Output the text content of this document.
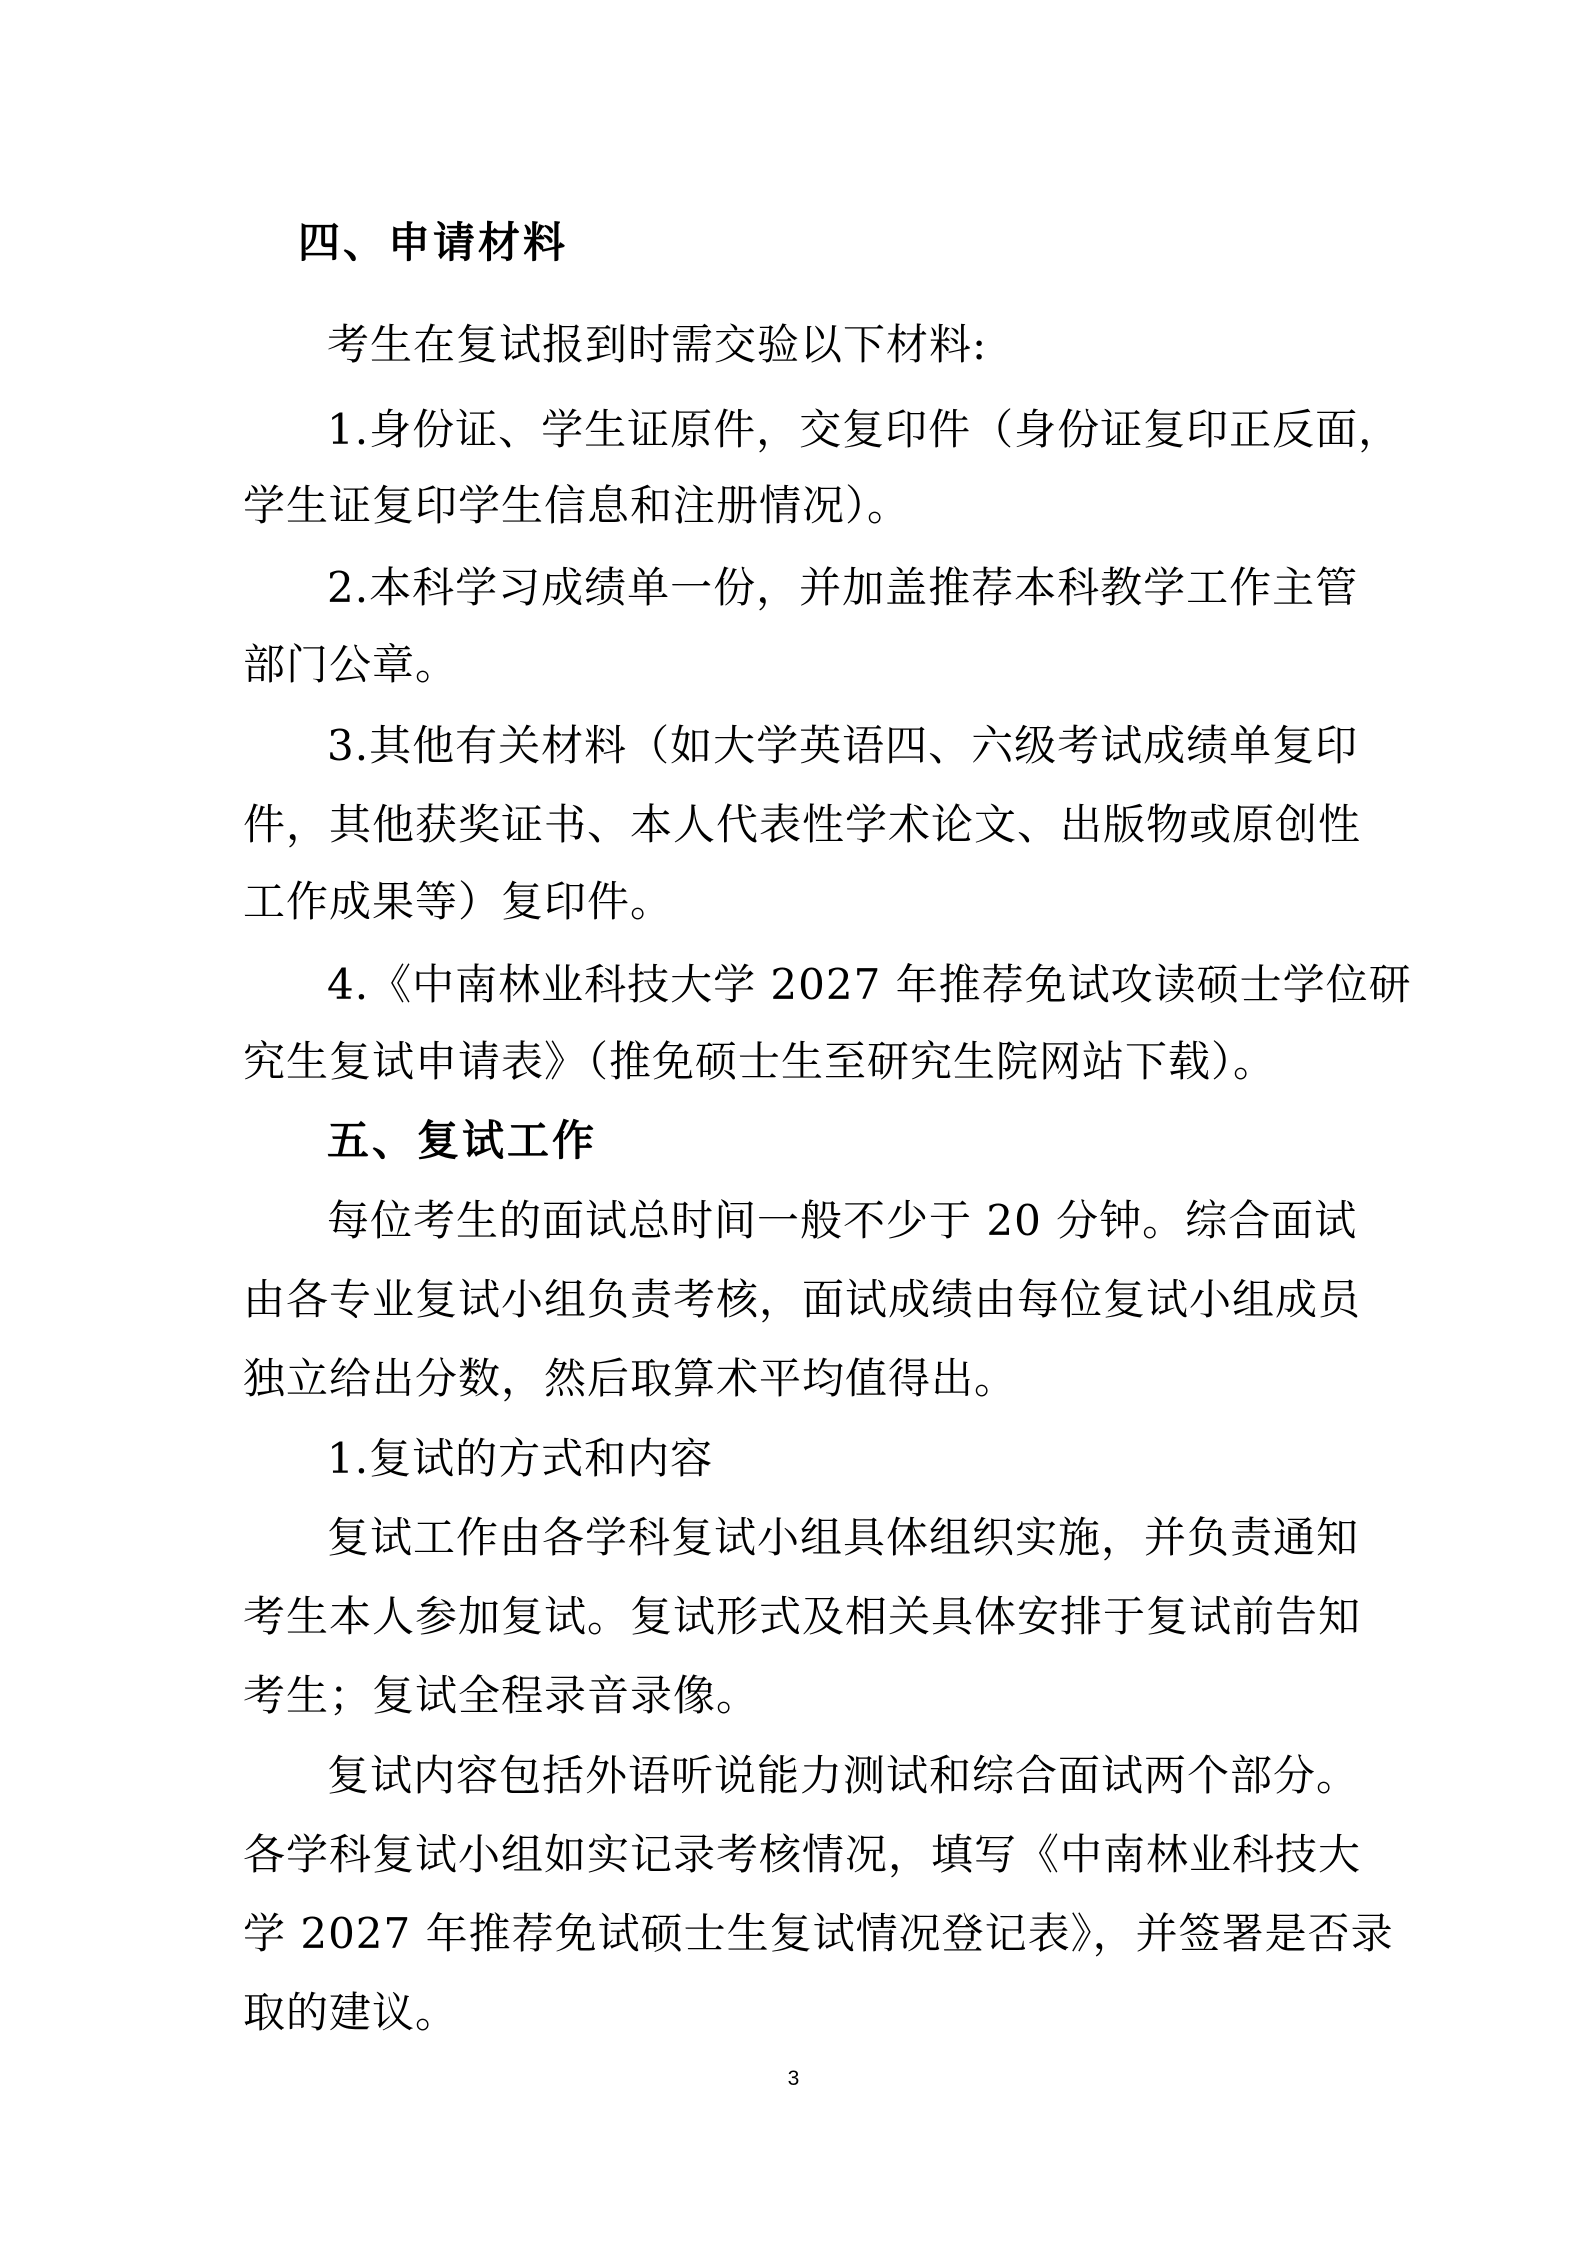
四、申请材料
考生在复试报到时需交验以下材料:
1.身份证、学生证原件，交复印件（身份证复印正反面，
学生证复印学生信息和注册情况）。
2.本科学习成绩单一份，并加盖推荐本科教学工作主管
部门公章。
3.其他有关材料（如大学英语四、六级考试成绩单复印
件，其他获奖证书、本人代表性学术论文、出版物或原创性
工作成果等）复印件。
4.《中南林业科技大学 2027 年推荐免试攻读硕士学位研
究生复试申请表》（推免硕士生至研究生院网站下载）。
五、复试工作
每位考生的面试总时间一般不少于 20 分钟。综合面试
由各专业复试小组负责考核，面试成绩由每位复试小组成员
独立给出分数，然后取算术平均值得出。
1.复试的方式和内容
复试工作由各学科复试小组具体组织实施，并负责通知
考生本人参加复试。复试形式及相关具体安排于复试前告知
考生；复试全程录音录像。
复试内容包括外语听说能力测试和综合面试两个部分。
各学科复试小组如实记录考核情况，填写《中南林业科技大
学 2027 年推荐免试硕士生复试情况登记表》，并签署是否录
取的建议。
3
